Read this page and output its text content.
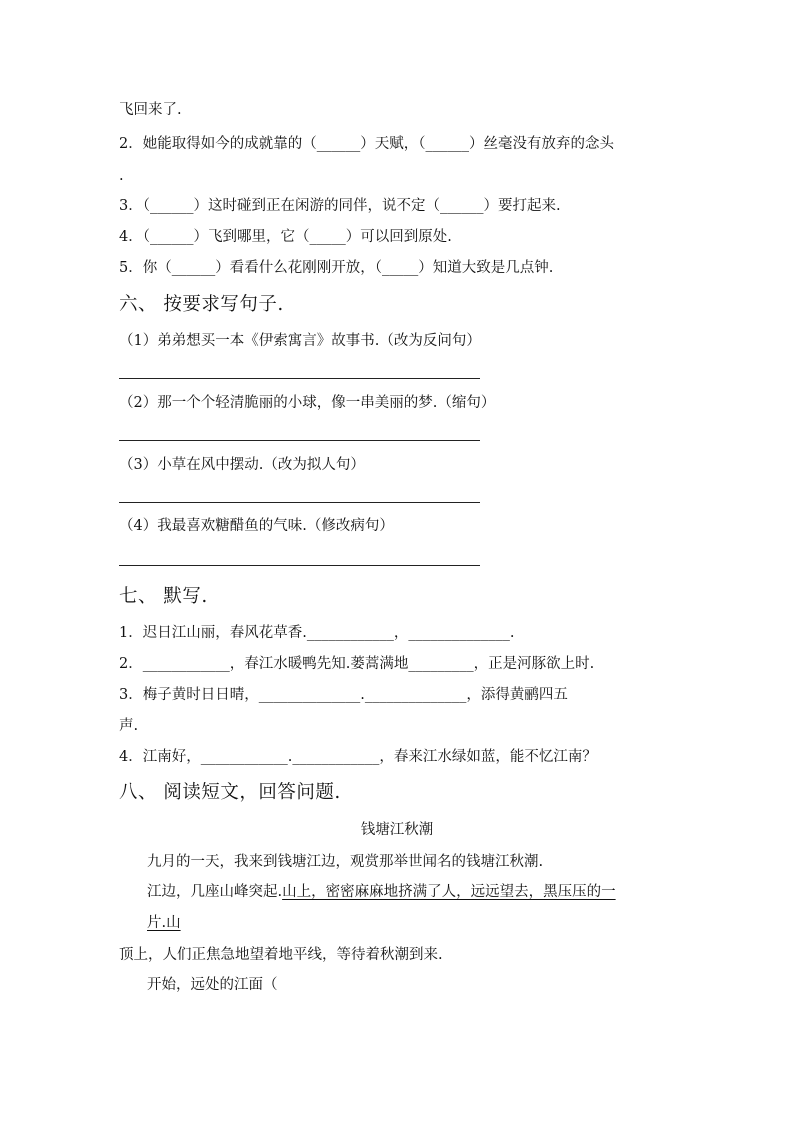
飞回来了.
2．她能取得如今的成就靠的（______）天赋，（______）丝毫没有放弃的念头
.
3．（______）这时碰到正在闲游的同伴，说不定（______）要打起来.
4．（______）飞到哪里，它（_____）可以回到原处.
5．你（______）看看什么花刚刚开放，（_____）知道大致是几点钟.
六、 按要求写句子.
（1）弟弟想买一本《伊索寓言》故事书.（改为反问句）
（2）那一个个轻清脆丽的小球，像一串美丽的梦.（缩句）
（3）小草在风中摆动.（改为拟人句）
（4）我最喜欢糖醋鱼的气味.（修改病句）
七、 默写.
1．迟日江山丽，春风花草香.____________，______________.
2．____________，春江水暖鸭先知.蒌蒿满地_________，正是河豚欲上时.
3．梅子黄时日日晴，______________.______________，添得黄鹂四五
声.
4．江南好，____________.____________，春来江水绿如蓝，能不忆江南？
八、 阅读短文，回答问题.
钱塘江秋潮
九月的一天，我来到钱塘江边，观赏那举世闻名的钱塘江秋潮.
江边，几座山峰突起.山上，密密麻麻地挤满了人，远远望去，黑压压的一
片.山
顶上，人们正焦急地望着地平线，等待着秋潮到来.
开始，远处的江面（
